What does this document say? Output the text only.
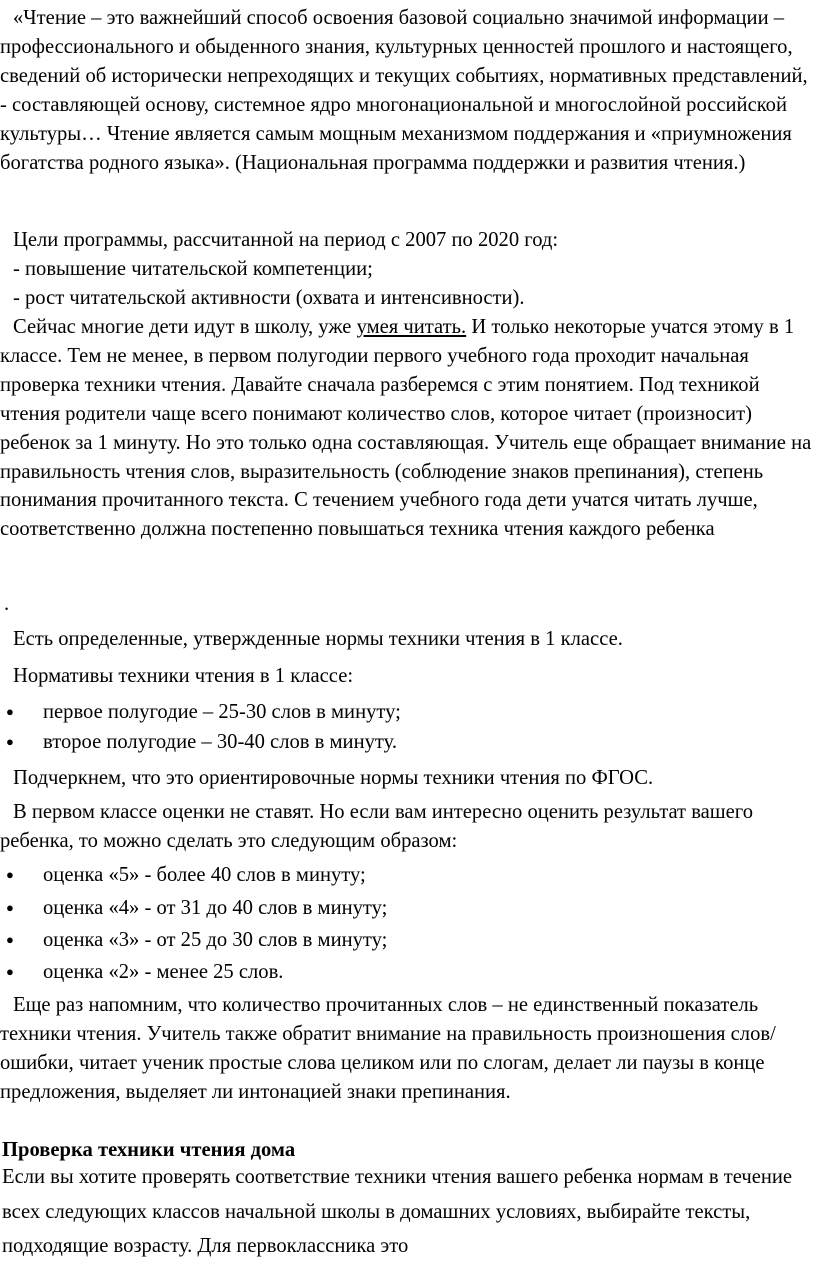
«Чтение – это важнейший способ освоения базовой социально значимой информации – профессионального и обыденного знания, культурных ценностей прошлого и настоящего, сведений об исторически непреходящих и текущих событиях, нормативных представлений, - составляющей основу, системное ядро многонациональной и многослойной российской культуры… Чтение является самым мощным механизмом поддержания и «приумножения богатства родного языка». (Национальная программа поддержки и развития чтения.)

Цели программы, рассчитанной на период с 2007 по 2020 год:

- повышение читательской компетенции;

- рост читательской активности (охвата и интенсивности).

Сейчас многие дети идут в школу, уже умея читать. И только некоторые учатся этому в 1 классе. Тем не менее, в первом полугодии первого учебного года проходит начальная проверка техники чтения. Давайте сначала разберемся с этим понятием. Под техникой чтения родители чаще всего понимают количество слов, которое читает (произносит) ребенок за 1 минуту. Но это только одна составляющая. Учитель еще обращает внимание на правильность чтения слов, выразительность (соблюдение знаков препинания), степень понимания прочитанного текста. С течением учебного года дети учатся читать лучше, соответственно должна постепенно повышаться техника чтения каждого ребенка

.

Есть определенные, утвержденные нормы техники чтения в 1 классе.

Нормативы техники чтения в 1 классе:

● первое полугодие – 25-30 слов в минуту;
● второе полугодие – 30-40 слов в минуту.

Подчеркнем, что это ориентировочные нормы техники чтения по ФГОС.

В первом классе оценки не ставят. Но если вам интересно оценить результат вашего ребенка, то можно сделать это следующим образом:

● оценка «5» - более 40 слов в минуту;
● оценка «4» - от 31 до 40 слов в минуту;
● оценка «3» - от 25 до 30 слов в минуту;
● оценка «2» - менее 25 слов.

Еще раз напомним, что количество прочитанных слов – не единственный показатель техники чтения. Учитель также обратит внимание на правильность произношения слов/ошибки, читает ученик простые слова целиком или по слогам, делает ли паузы в конце предложения, выделяет ли интонацией знаки препинания.

Проверка техники чтения дома

Если вы хотите проверять соответствие техники чтения вашего ребенка нормам в течение всех следующих классов начальной школы в домашних условиях, выбирайте тексты, подходящие возрасту. Для первоклассника это
